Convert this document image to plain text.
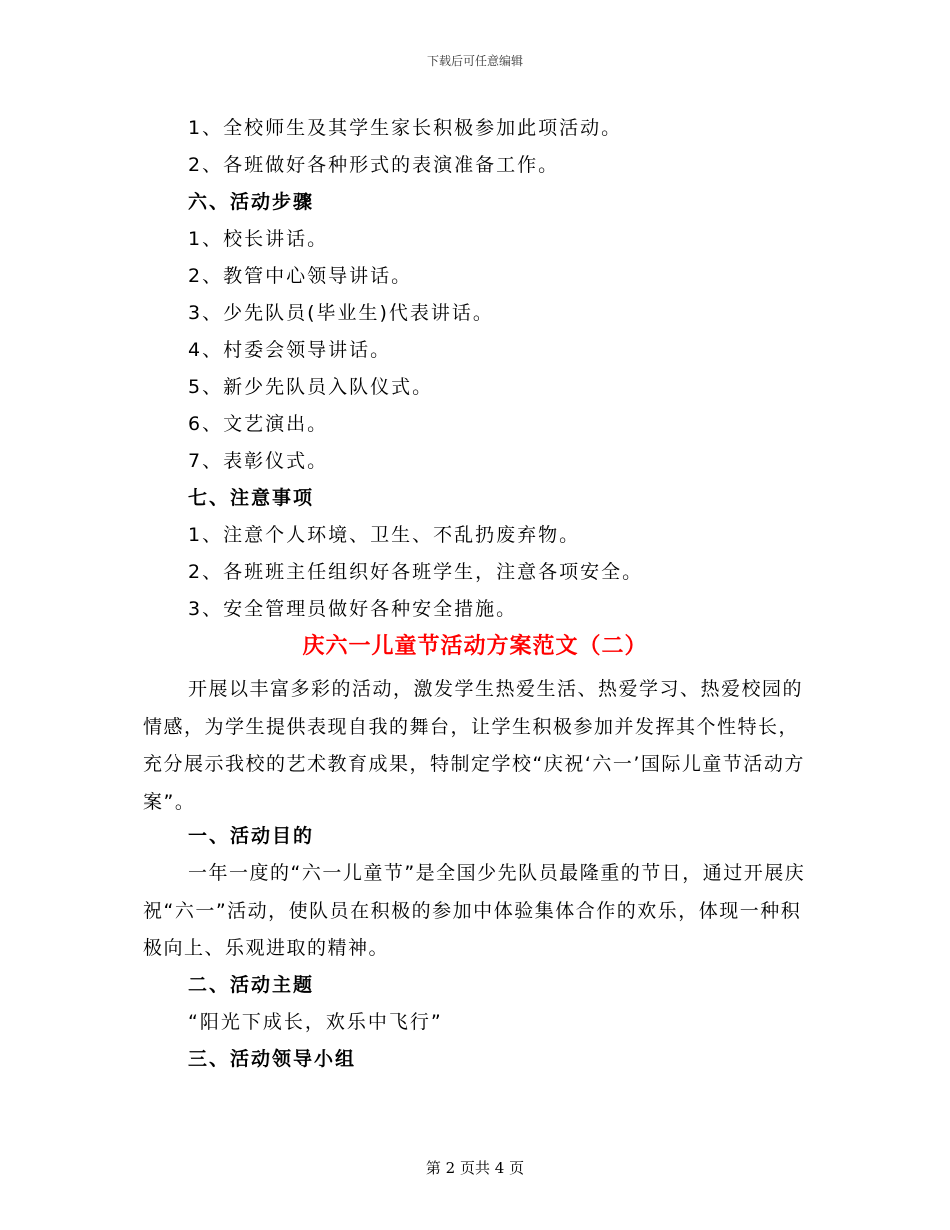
下载后可任意编辑
1、全校师生及其学生家长积极参加此项活动。
2、各班做好各种形式的表演准备工作。
六、活动步骤
1、校长讲话。
2、教管中心领导讲话。
3、少先队员(毕业生)代表讲话。
4、村委会领导讲话。
5、新少先队员入队仪式。
6、文艺演出。
7、表彰仪式。
七、注意事项
1、注意个人环境、卫生、不乱扔废弃物。
2、各班班主任组织好各班学生，注意各项安全。
3、安全管理员做好各种安全措施。
庆六一儿童节活动方案范文（二）
开展以丰富多彩的活动，激发学生热爱生活、热爱学习、热爱校园的情感，为学生提供表现自我的舞台，让学生积极参加并发挥其个性特长，充分展示我校的艺术教育成果，特制定学校“庆祝‘六一’国际儿童节活动方案”。
一、活动目的
一年一度的“六一儿童节”是全国少先队员最隆重的节日，通过开展庆祝“六一”活动，使队员在积极的参加中体验集体合作的欢乐，体现一种积极向上、乐观进取的精神。
二、活动主题
“阳光下成长，欢乐中飞行”
三、活动领导小组
第 2 页共 4 页
